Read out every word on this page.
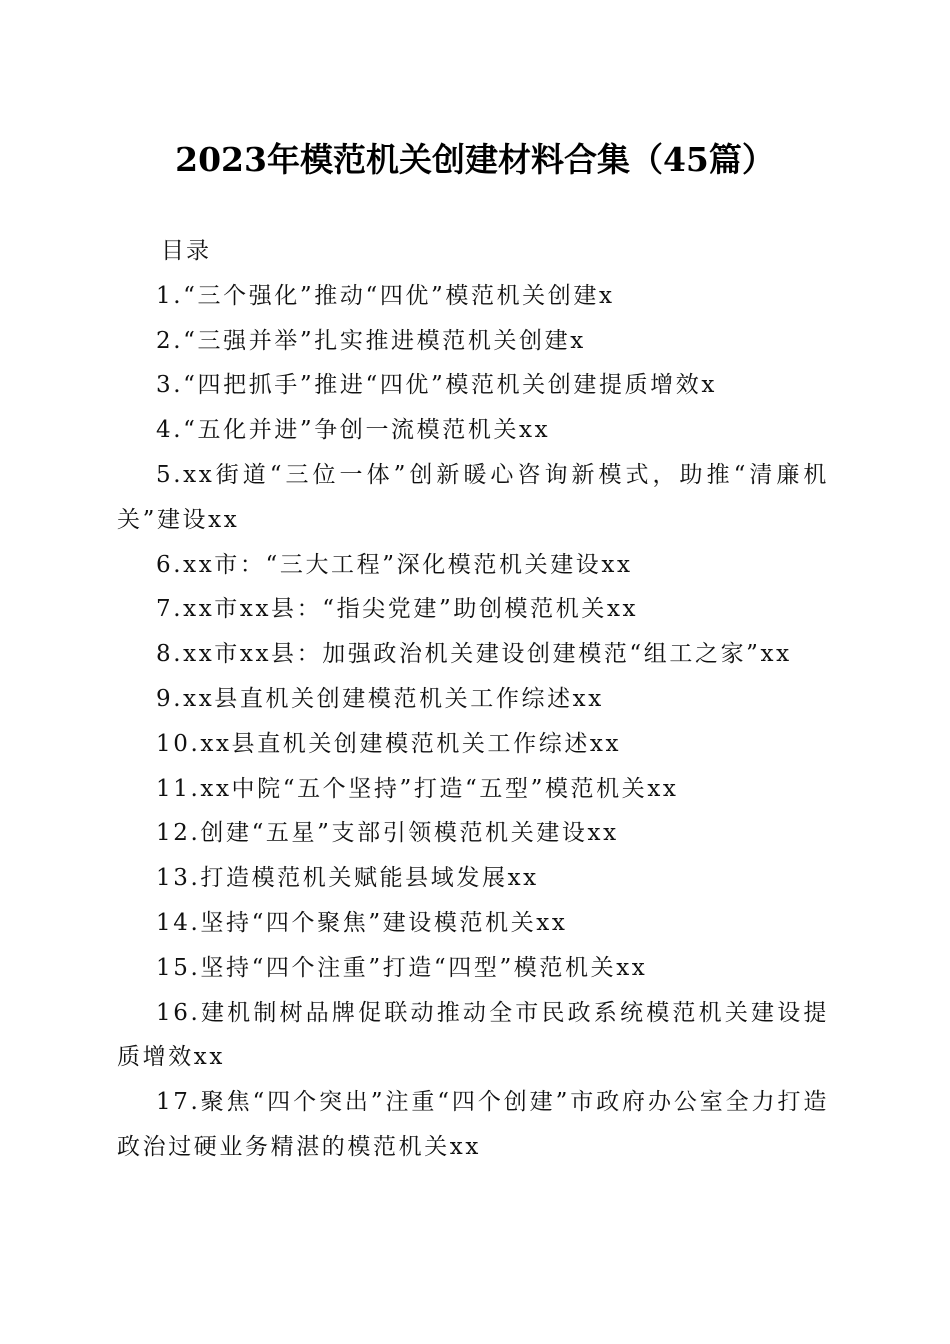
2023年模范机关创建材料合集（45篇）

目录

1.“三个强化”推动“四优”模范机关创建x

2.“三强并举”扎实推进模范机关创建x

3.“四把抓手”推进“四优”模范机关创建提质增效x

4.“五化并进”争创一流模范机关xx

5.xx街道“三位一体”创新暖心咨询新模式，助推“清廉机关”建设xx

6.xx市：“三大工程”深化模范机关建设xx

7.xx市xx县：“指尖党建”助创模范机关xx

8.xx市xx县：加强政治机关建设创建模范“组工之家”xx

9.xx县直机关创建模范机关工作综述xx

10.xx县直机关创建模范机关工作综述xx

11.xx中院“五个坚持”打造“五型”模范机关xx

12.创建“五星”支部引领模范机关建设xx

13.打造模范机关赋能县域发展xx

14.坚持“四个聚焦”建设模范机关xx

15.坚持“四个注重”打造“四型”模范机关xx

16.建机制树品牌促联动推动全市民政系统模范机关建设提质增效xx

17.聚焦“四个突出”注重“四个创建”市政府办公室全力打造政治过硬业务精湛的模范机关xx
